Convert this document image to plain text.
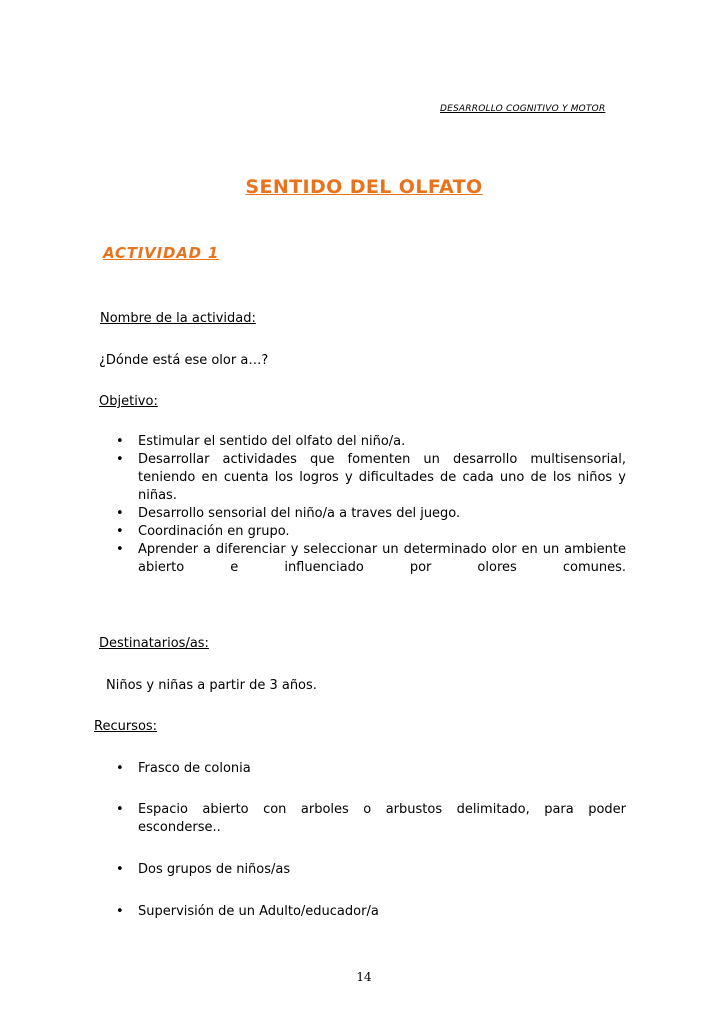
DESARROLLO COGNITIVO Y MOTOR
SENTIDO DEL OLFATO
ACTIVIDAD 1
Nombre de la actividad:
¿Dónde está ese olor a…?
Objetivo:
• Estimular el sentido del olfato del niño/a.
• Desarrollar actividades que fomenten un desarrollo multisensorial, teniendo en cuenta los logros y dificultades de cada uno de los niños y niñas.
• Desarrollo sensorial del niño/a a traves del juego.
• Coordinación en grupo.
• Aprender a diferenciar y seleccionar un determinado olor en un ambiente abierto e influenciado por olores comunes.
Destinatarios/as:
Niños y niñas a partir de 3 años.
Recursos:
• Frasco de colonia
• Espacio abierto con arboles o arbustos delimitado, para poder esconderse..
• Dos grupos de niños/as
• Supervisión de un Adulto/educador/a
14
